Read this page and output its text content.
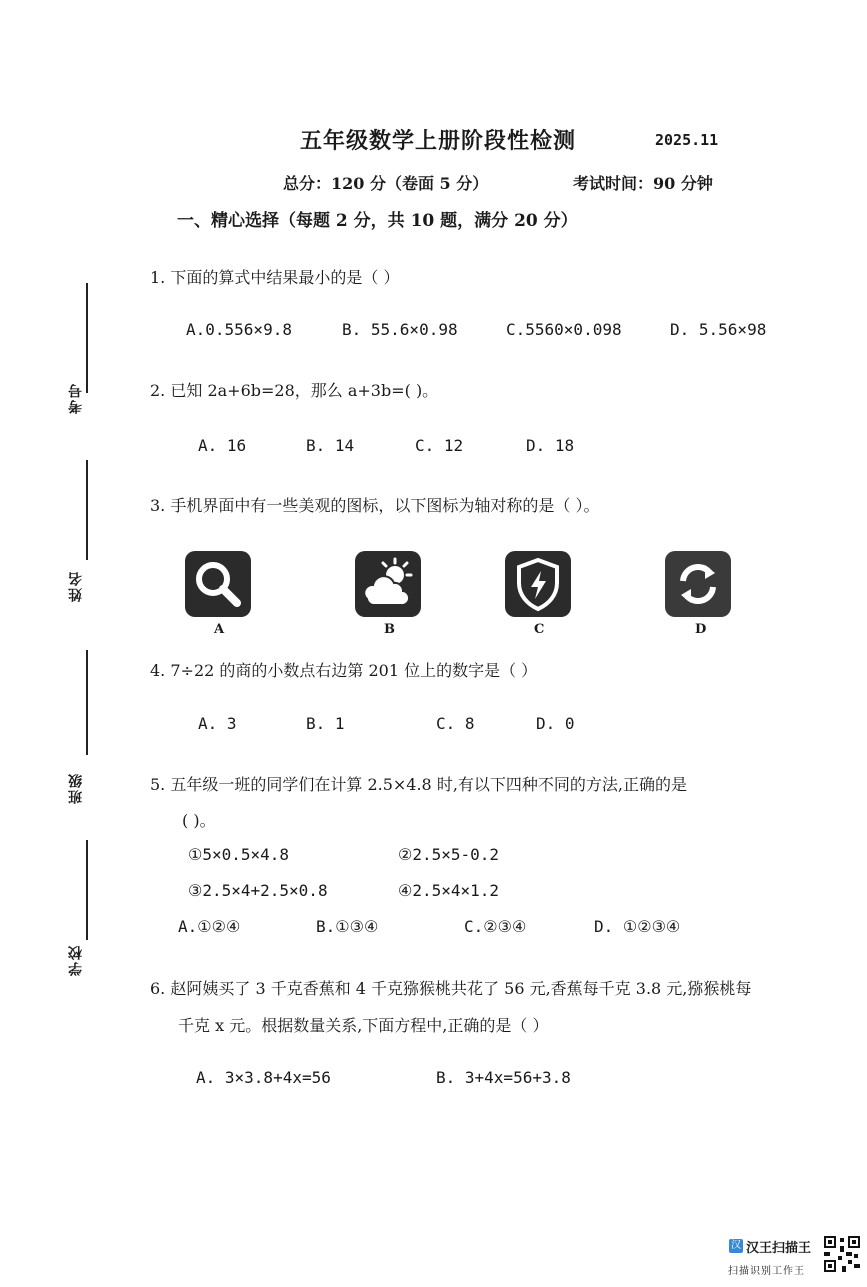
五年级数学上册阶段性检测	2025.11
总分：120 分（卷面 5 分）	考试时间：90 分钟
一、精心选择（每题 2 分，共 10 题，满分 20 分）
考号
姓名
班级
学校
1. 下面的算式中结果最小的是（ ）
A.0.556×9.8	B. 55.6×0.98	C.5560×0.098	D. 5.56×98
2. 已知 2a+6b=28，那么 a+3b=( )。
A. 16	B. 14	C. 12	D. 18
3. 手机界面中有一些美观的图标，以下图标为轴对称的是（ ）。
A	B	C	D
4. 7÷22 的商的小数点右边第 201 位上的数字是（ ）
A. 3	B. 1	C. 8	D. 0
5. 五年级一班的同学们在计算 2.5×4.8 时,有以下四种不同的方法,正确的是
( )。
①5×0.5×4.8	②2.5×5-0.2
③2.5×4+2.5×0.8	④2.5×4×1.2
A.①②④	B.①③④	C.②③④	D. ①②③④
6. 赵阿姨买了 3 千克香蕉和 4 千克猕猴桃共花了 56 元,香蕉每千克 3.8 元,猕猴桃每
千克 x 元。根据数量关系,下面方程中,正确的是（ ）
A. 3×3.8+4x=56	B. 3+4x=56+3.8
汉 汉王扫描王
扫描识别工作王
